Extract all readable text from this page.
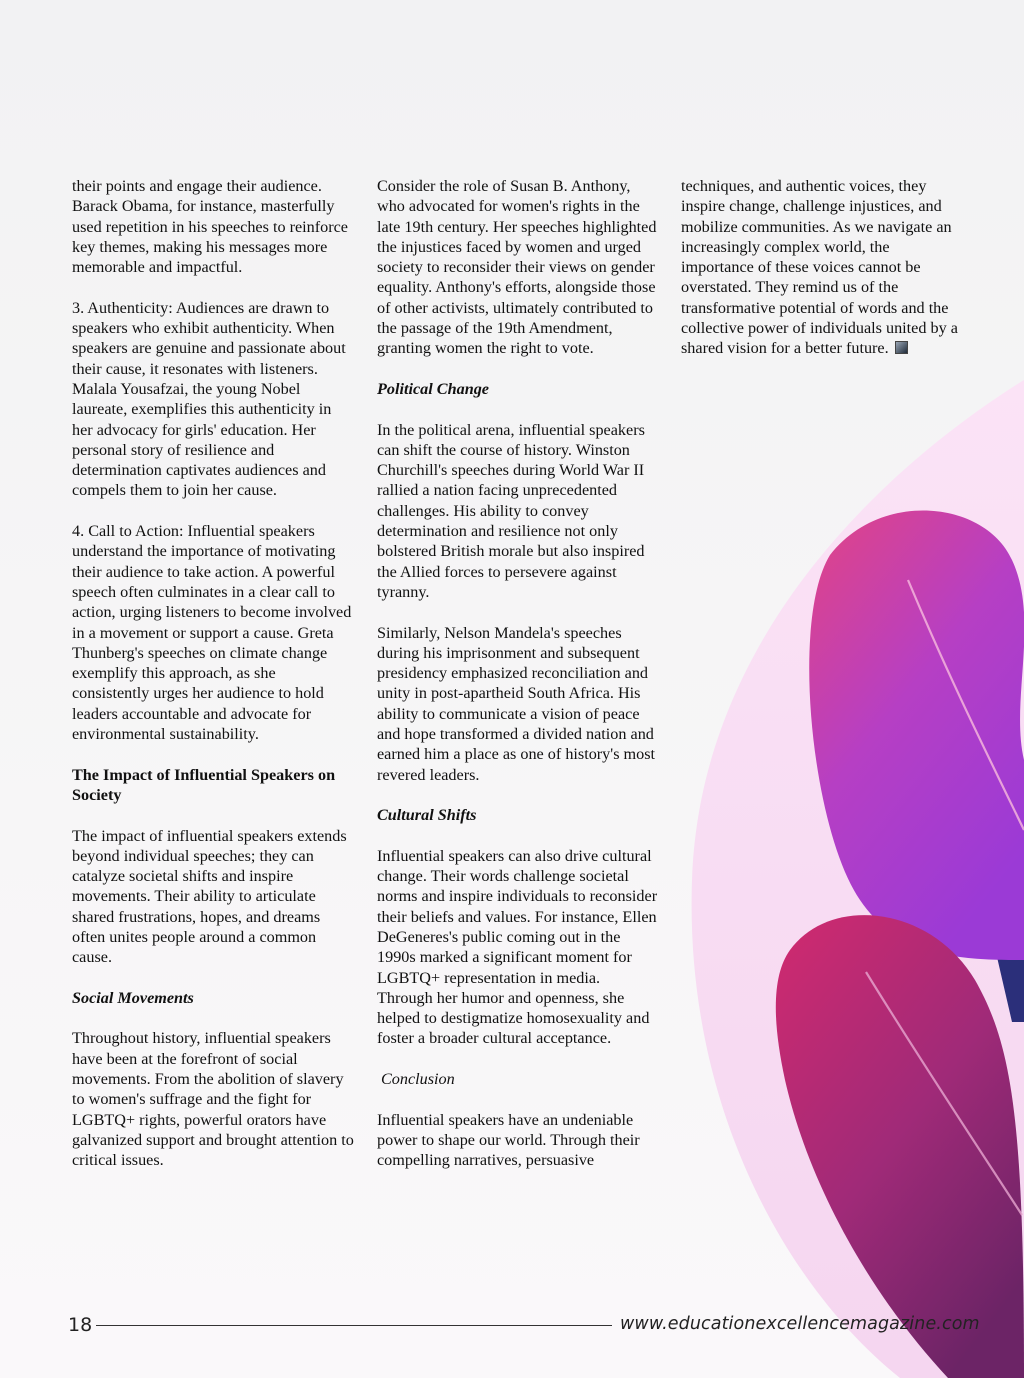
their points and engage their audience. Barack Obama, for instance, masterfully used repetition in his speeches to reinforce key themes, making his messages more memorable and impactful.

3. Authenticity: Audiences are drawn to speakers who exhibit authenticity. When speakers are genuine and passionate about their cause, it resonates with listeners. Malala Yousafzai, the young Nobel laureate, exemplifies this authenticity in her advocacy for girls' education. Her personal story of resilience and determination captivates audiences and compels them to join her cause.

4. Call to Action: Influential speakers understand the importance of motivating their audience to take action. A powerful speech often culminates in a clear call to action, urging listeners to become involved in a movement or support a cause. Greta Thunberg's speeches on climate change exemplify this approach, as she consistently urges her audience to hold leaders accountable and advocate for environmental sustainability.

The Impact of Influential Speakers on Society

The impact of influential speakers extends beyond individual speeches; they can catalyze societal shifts and inspire movements. Their ability to articulate shared frustrations, hopes, and dreams often unites people around a common cause.

Social Movements

Throughout history, influential speakers have been at the forefront of social movements. From the abolition of slavery to women's suffrage and the fight for LGBTQ+ rights, powerful orators have galvanized support and brought attention to critical issues.

Consider the role of Susan B. Anthony, who advocated for women's rights in the late 19th century. Her speeches highlighted the injustices faced by women and urged society to reconsider their views on gender equality. Anthony's efforts, alongside those of other activists, ultimately contributed to the passage of the 19th Amendment, granting women the right to vote.

Political Change

In the political arena, influential speakers can shift the course of history. Winston Churchill's speeches during World War II rallied a nation facing unprecedented challenges. His ability to convey determination and resilience not only bolstered British morale but also inspired the Allied forces to persevere against tyranny.

Similarly, Nelson Mandela's speeches during his imprisonment and subsequent presidency emphasized reconciliation and unity in post-apartheid South Africa. His ability to communicate a vision of peace and hope transformed a divided nation and earned him a place as one of history's most revered leaders.

Cultural Shifts

Influential speakers can also drive cultural change. Their words challenge societal norms and inspire individuals to reconsider their beliefs and values. For instance, Ellen DeGeneres's public coming out in the 1990s marked a significant moment for LGBTQ+ representation in media. Through her humor and openness, she helped to destigmatize homosexuality and foster a broader cultural acceptance.

Conclusion

Influential speakers have an undeniable power to shape our world. Through their compelling narratives, persuasive

techniques, and authentic voices, they inspire change, challenge injustices, and mobilize communities. As we navigate an increasingly complex world, the importance of these voices cannot be overstated. They remind us of the transformative potential of words and the collective power of individuals united by a shared vision for a better future.

18	www.educationexcellencemagazine.com
